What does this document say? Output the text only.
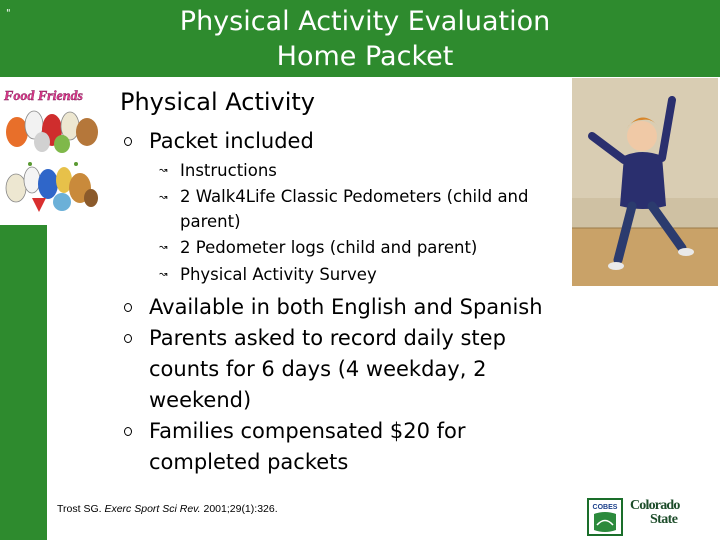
"	Physical Activity Evaluation
Home Packet
Food Friends Physical Activity
Packet included
↝ Instructions
↝ 2 Walk4Life Classic Pedometers (child and parent)
↝ 2 Pedometer logs (child and parent)
↝ Physical Activity Survey
Available in both English and Spanish
Parents asked to record daily step counts for 6 days (4 weekday, 2 weekend)
Families compensated $20 for completed packets
Trost SG. Exerc Sport Sci Rev. 2001;29(1):326.	COBES Colorado
State
